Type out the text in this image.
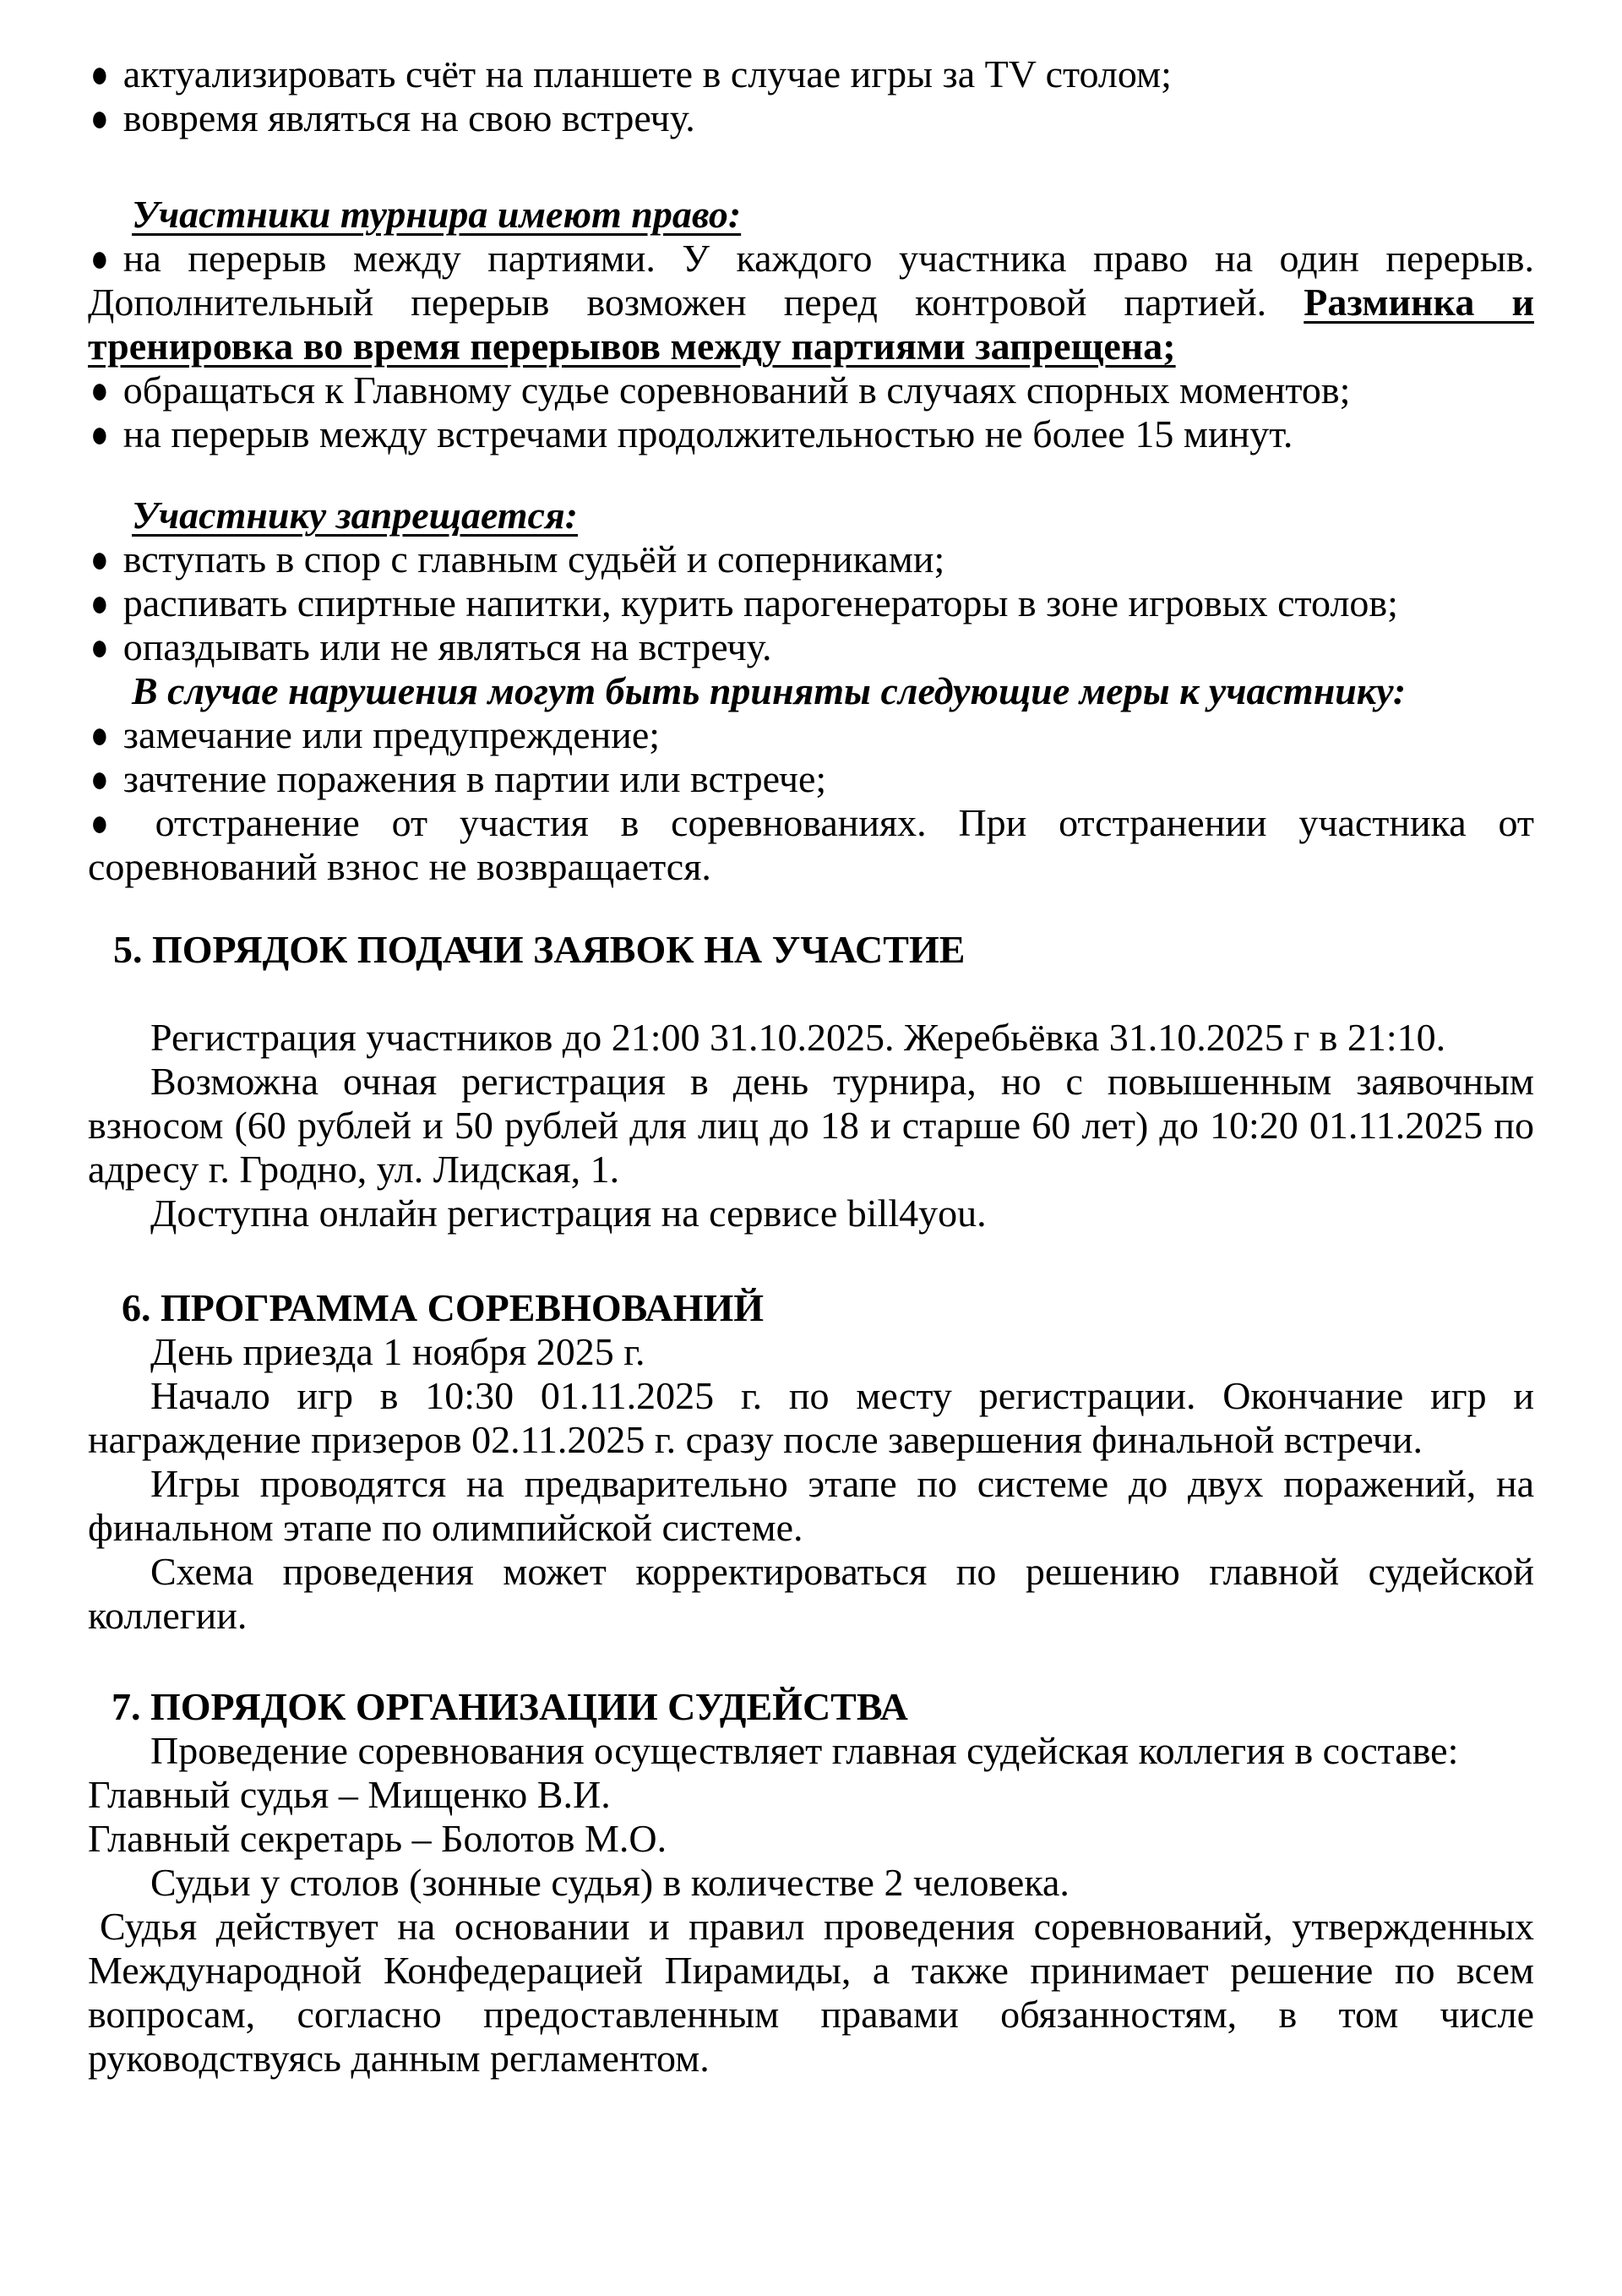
● актуализировать счёт на планшете в случае игры за TV столом;
● вовремя являться на свою встречу.

Участники турнира имеют право:

● на перерыв между партиями. У каждого участника право на один перерыв. Дополнительный перерыв возможен перед контровой партией. Разминка и тренировка во время перерывов между партиями запрещена;
● обращаться к Главному судье соревнований в случаях спорных моментов;
● на перерыв между встречами продолжительностью не более 15 минут.

Участнику запрещается:

● вступать в спор с главным судьёй и соперниками;
● распивать спиртные напитки, курить парогенераторы в зоне игровых столов;
● опаздывать или не являться на встречу.

В случае нарушения могут быть приняты следующие меры к участнику:

● замечание или предупреждение;
● зачтение поражения в партии или встрече;
● отстранение от участия в соревнованиях. При отстранении участника от соревнований взнос не возвращается.

5. ПОРЯДОК ПОДАЧИ ЗАЯВОК НА УЧАСТИЕ

Регистрация участников до 21:00 31.10.2025. Жеребьёвка 31.10.2025 г в 21:10.

Возможна очная регистрация в день турнира, но с повышенным заявочным взносом (60 рублей и 50 рублей для лиц до 18 и старше 60 лет) до 10:20 01.11.2025 по адресу г. Гродно, ул. Лидская, 1.

Доступна онлайн регистрация на сервисе bill4you.

6. ПРОГРАММА СОРЕВНОВАНИЙ

День приезда 1 ноября 2025 г.

Начало игр в 10:30 01.11.2025 г. по месту регистрации. Окончание игр и награждение призеров 02.11.2025 г. сразу после завершения финальной встречи.

Игры проводятся на предварительно этапе по системе до двух поражений, на финальном этапе по олимпийской системе.

Схема проведения может корректироваться по решению главной судейской коллегии.

7. ПОРЯДОК ОРГАНИЗАЦИИ СУДЕЙСТВА

Проведение соревнования осуществляет главная судейская коллегия в составе:

Главный судья – Мищенко В.И.

Главный секретарь – Болотов М.О.

Судьи у столов (зонные судья) в количестве 2 человека.

Судья действует на основании и правил проведения соревнований, утвержденных Международной Конфедерацией Пирамиды, а также принимает решение по всем вопросам, согласно предоставленным правами обязанностям, в том числе руководствуясь данным регламентом.
